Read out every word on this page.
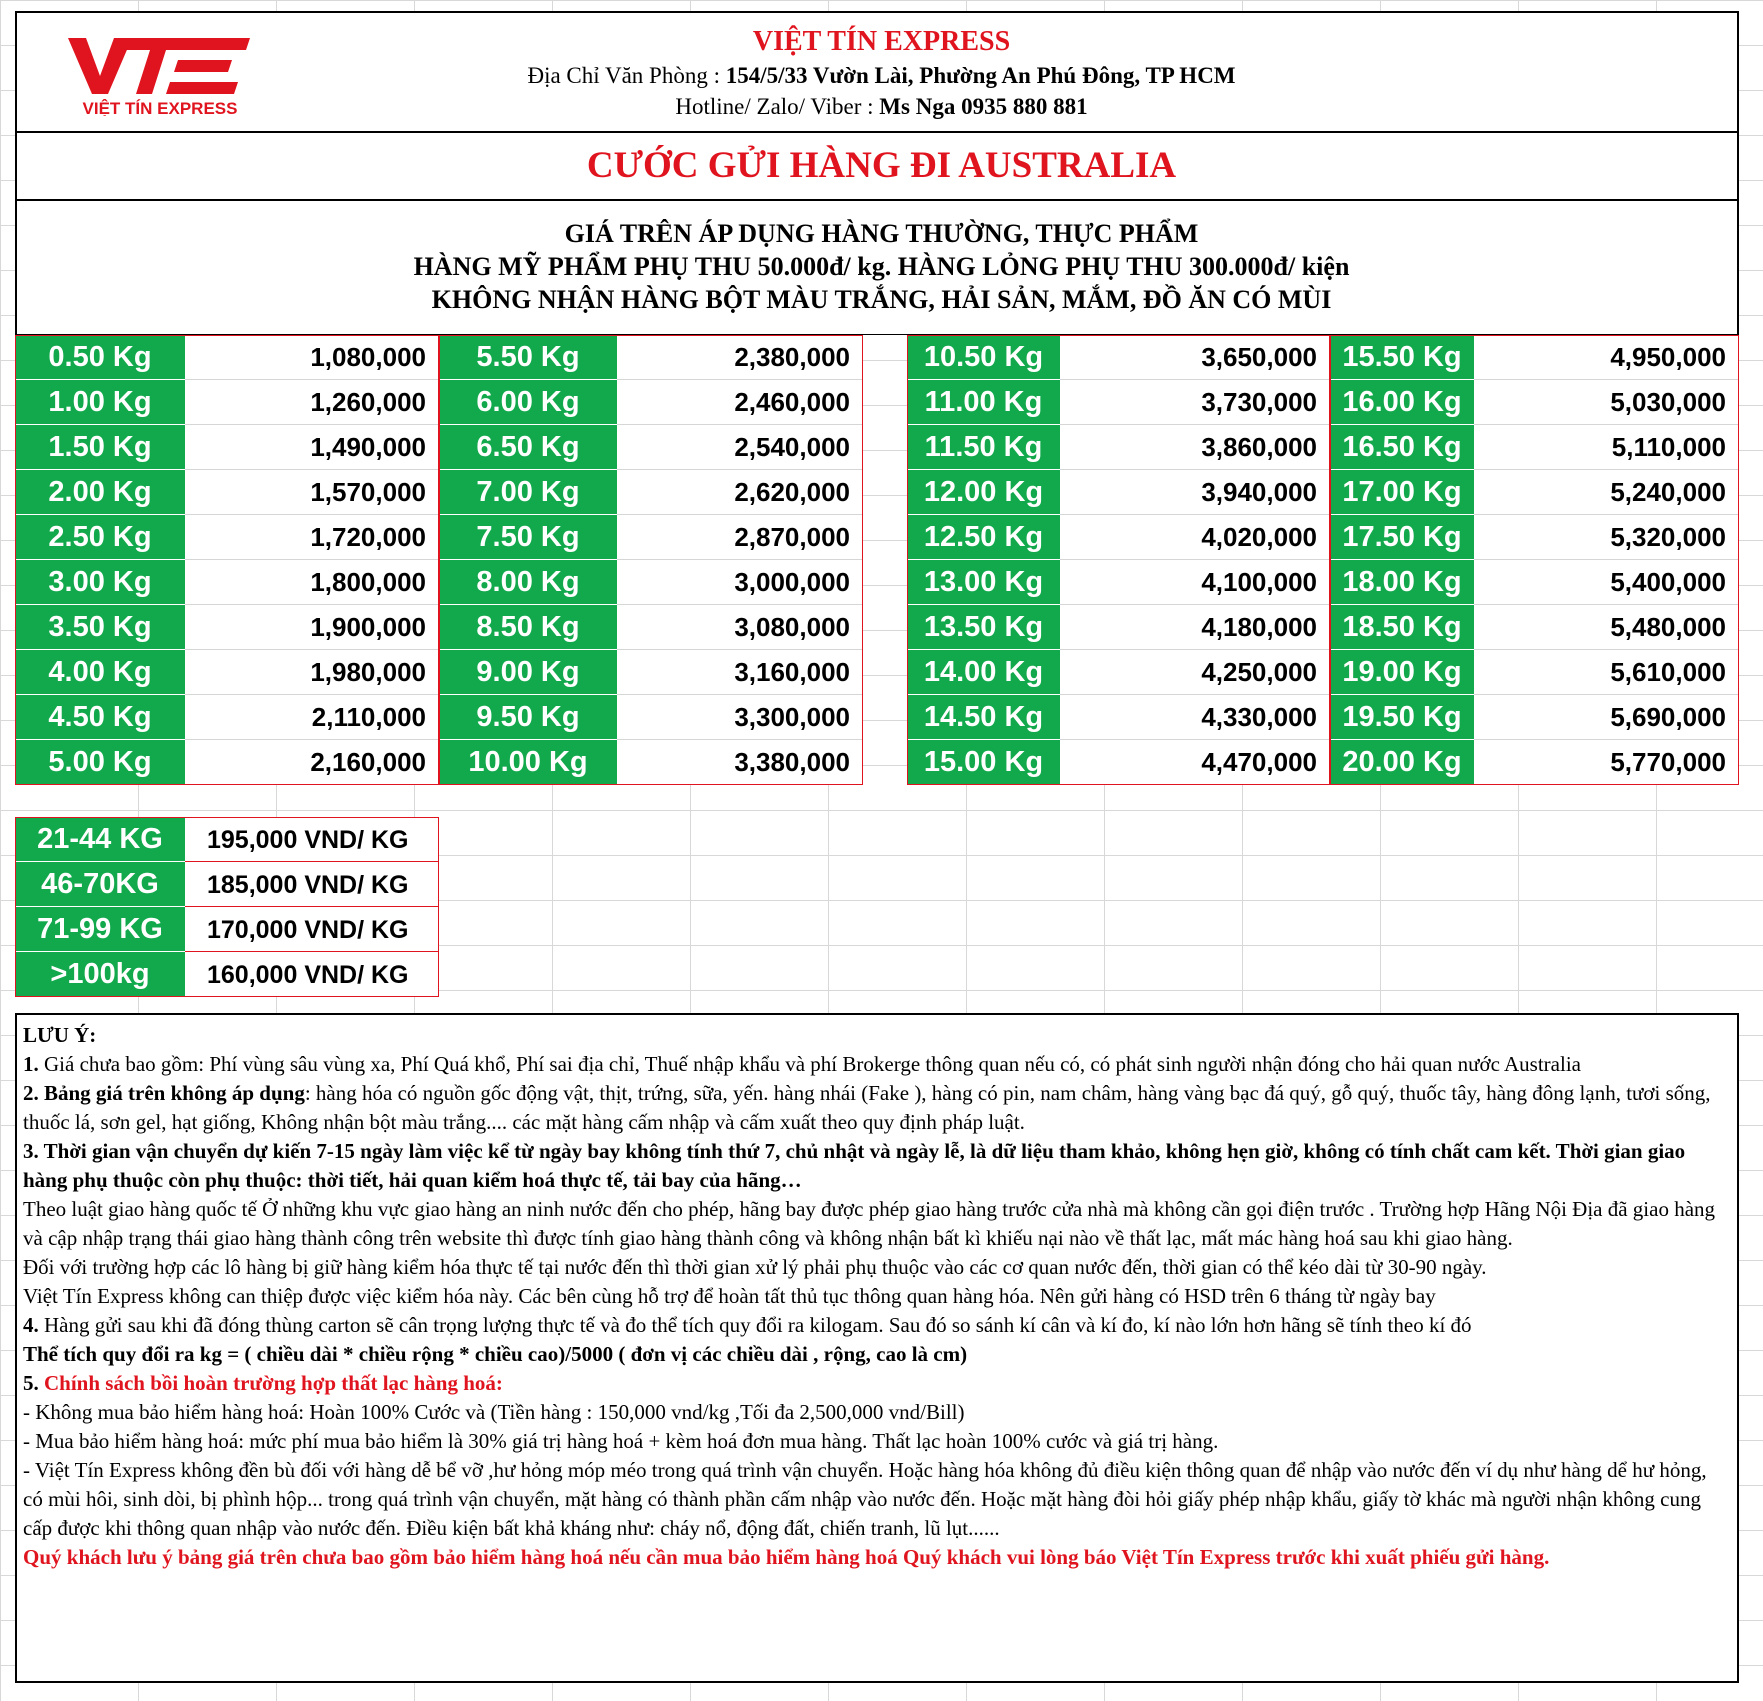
VIỆT TÍN EXPRESS
VIỆT TÍN EXPRESS
Địa Chỉ Văn Phòng : 154/5/33 Vườn Lài, Phường An Phú Đông, TP HCM
Hotline/ Zalo/ Viber : Ms Nga 0935 880 881
CƯỚC GỬI HÀNG ĐI AUSTRALIA
GIÁ TRÊN ÁP DỤNG HÀNG THƯỜNG, THỰC PHẨM
HÀNG MỸ PHẨM PHỤ THU 50.000đ/ kg. HÀNG LỎNG PHỤ THU 300.000đ/ kiện
KHÔNG NHẬN HÀNG BỘT MÀU TRẮNG, HẢI SẢN, MẮM, ĐỒ ĂN CÓ MÙI
0.50 Kg	1,080,000
1.00 Kg	1,260,000
1.50 Kg	1,490,000
2.00 Kg	1,570,000
2.50 Kg	1,720,000
3.00 Kg	1,800,000
3.50 Kg	1,900,000
4.00 Kg	1,980,000
4.50 Kg	2,110,000
5.00 Kg	2,160,000
5.50 Kg	2,380,000
6.00 Kg	2,460,000
6.50 Kg	2,540,000
7.00 Kg	2,620,000
7.50 Kg	2,870,000
8.00 Kg	3,000,000
8.50 Kg	3,080,000
9.00 Kg	3,160,000
9.50 Kg	3,300,000
10.00 Kg	3,380,000
10.50 Kg	3,650,000
11.00 Kg	3,730,000
11.50 Kg	3,860,000
12.00 Kg	3,940,000
12.50 Kg	4,020,000
13.00 Kg	4,100,000
13.50 Kg	4,180,000
14.00 Kg	4,250,000
14.50 Kg	4,330,000
15.00 Kg	4,470,000
15.50 Kg	4,950,000
16.00 Kg	5,030,000
16.50 Kg	5,110,000
17.00 Kg	5,240,000
17.50 Kg	5,320,000
18.00 Kg	5,400,000
18.50 Kg	5,480,000
19.00 Kg	5,610,000
19.50 Kg	5,690,000
20.00 Kg	5,770,000
21-44 KG	195,000 VND/ KG
46-70KG	185,000 VND/ KG
71-99 KG	170,000 VND/ KG
>100kg	160,000 VND/ KG

LƯU Ý:

1. Giá chưa bao gồm: Phí vùng sâu vùng xa, Phí Quá khổ, Phí sai địa chỉ, Thuế nhập khẩu và phí Brokerge thông quan nếu có, có phát sinh người nhận đóng cho hải quan nước Australia

2. Bảng giá trên không áp dụng: hàng hóa có nguồn gốc động vật, thịt, trứng, sữa, yến. hàng nhái (Fake ), hàng có pin, nam châm, hàng vàng bạc đá quý, gỗ quý, thuốc tây, hàng đông lạnh, tươi sống, thuốc lá, sơn gel, hạt giống, Không nhận bột màu trắng.... các mặt hàng cấm nhập và cấm xuất theo quy định pháp luật.

3. Thời gian vận chuyển dự kiến 7-15 ngày làm việc kể từ ngày bay không tính thứ 7, chủ nhật và ngày lễ, là dữ liệu tham khảo, không hẹn giờ, không có tính chất cam kết. Thời gian giao hàng phụ thuộc còn phụ thuộc: thời tiết, hải quan kiểm hoá thực tế, tải bay của hãng…

Theo luật giao hàng quốc tế Ở những khu vực giao hàng an ninh nước đến cho phép, hãng bay được phép giao hàng trước cửa nhà mà không cần gọi điện trước . Trường hợp Hãng Nội Địa đã giao hàng và cập nhập trạng thái giao hàng thành công trên website thì được tính giao hàng thành công và không nhận bất kì khiếu nại nào về thất lạc, mất mác hàng hoá sau khi giao hàng.

Đối với trường hợp các lô hàng bị giữ hàng kiểm hóa thực tế tại nước đến thì thời gian xử lý phải phụ thuộc vào các cơ quan nước đến, thời gian có thể kéo dài từ 30-90 ngày.

Việt Tín Express không can thiệp được việc kiểm hóa này. Các bên cùng hỗ trợ để hoàn tất thủ tục thông quan hàng hóa. Nên gửi hàng có HSD trên 6 tháng từ ngày bay

4. Hàng gửi sau khi đã đóng thùng carton sẽ cân trọng lượng thực tế và đo thể tích quy đổi ra kilogam. Sau đó so sánh kí cân và kí đo, kí nào lớn hơn hãng sẽ tính theo kí đó

Thể tích quy đổi ra kg = ( chiều dài * chiều rộng * chiều cao)/5000 ( đơn vị các chiều dài , rộng, cao là cm)

5. Chính sách bồi hoàn trường hợp thất lạc hàng hoá:

- Không mua bảo hiểm hàng hoá: Hoàn 100% Cước và (Tiền hàng : 150,000 vnd/kg ,Tối đa 2,500,000 vnd/Bill)

- Mua bảo hiểm hàng hoá: mức phí mua bảo hiểm là 30% giá trị hàng hoá + kèm hoá đơn mua hàng. Thất lạc hoàn 100% cước và giá trị hàng.

- Việt Tín Express không đền bù đối với hàng dễ bể vỡ ,hư hỏng móp méo trong quá trình vận chuyển. Hoặc hàng hóa không đủ điều kiện thông quan để nhập vào nước đến ví dụ như hàng dể hư hỏng, có mùi hôi, sinh dòi, bị phình hộp... trong quá trình vận chuyển, mặt hàng có thành phần cấm nhập vào nước đến. Hoặc mặt hàng đòi hỏi giấy phép nhập khẩu, giấy tờ khác mà người nhận không cung cấp được khi thông quan nhập vào nước đến. Điều kiện bất khả kháng như: cháy nổ, động đất, chiến tranh, lũ lụt......

Quý khách lưu ý bảng giá trên chưa bao gồm bảo hiểm hàng hoá nếu cần mua bảo hiểm hàng hoá Quý khách vui lòng báo Việt Tín Express trước khi xuất phiếu gửi hàng.
